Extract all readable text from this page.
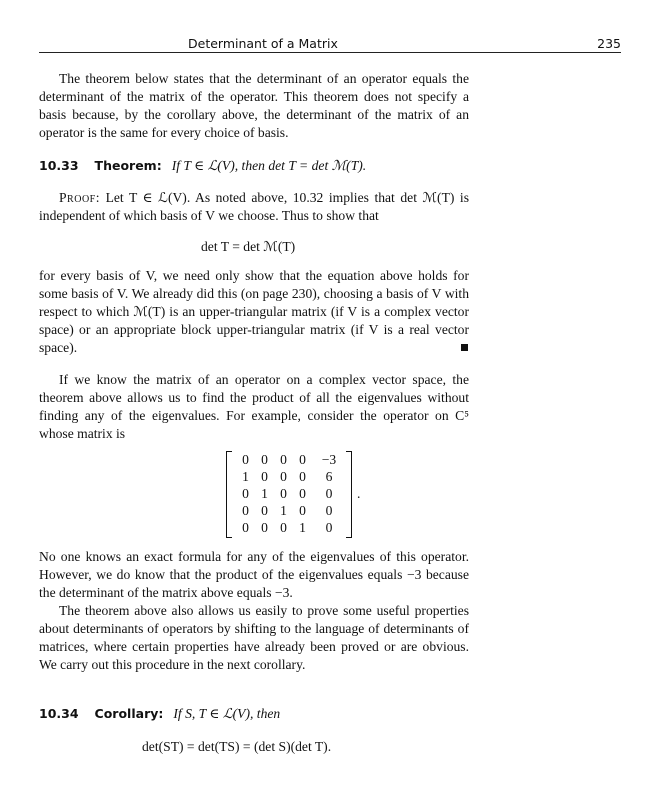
Determinant of a Matrix	235

The theorem below states that the determinant of an operator equals the determinant of the matrix of the operator. This theorem does not specify a basis because, by the corollary above, the determinant of the matrix of an operator is the same for every choice of basis.

10.33 Theorem: If T ∈ ℒ(V), then det T = det ℳ(T).

Proof: Let T ∈ ℒ(V). As noted above, 10.32 implies that det ℳ(T) is independent of which basis of V we choose. Thus to show that

det T = det ℳ(T)

for every basis of V, we need only show that the equation above holds for some basis of V. We already did this (on page 230), choosing a basis of V with respect to which ℳ(T) is an upper-triangular matrix (if V is a complex vector space) or an appropriate block upper-triangular matrix (if V is a real vector space).

If we know the matrix of an operator on a complex vector space, the theorem above allows us to find the product of all the eigenvalues without finding any of the eigenvalues. For example, consider the operator on C⁵ whose matrix is

0 0 0 0	−3
1 0 0 0	6
0 1 0 0	0
0 0 1 0	0
0 0 0 1	0
.

No one knows an exact formula for any of the eigenvalues of this operator. However, we do know that the product of the eigenvalues equals −3 because the determinant of the matrix above equals −3.

The theorem above also allows us easily to prove some useful properties about determinants of operators by shifting to the language of determinants of matrices, where certain properties have already been proved or are obvious. We carry out this procedure in the next corollary.

10.34 Corollary: If S, T ∈ ℒ(V), then
det(ST) = det(TS) = (det S)(det T).
